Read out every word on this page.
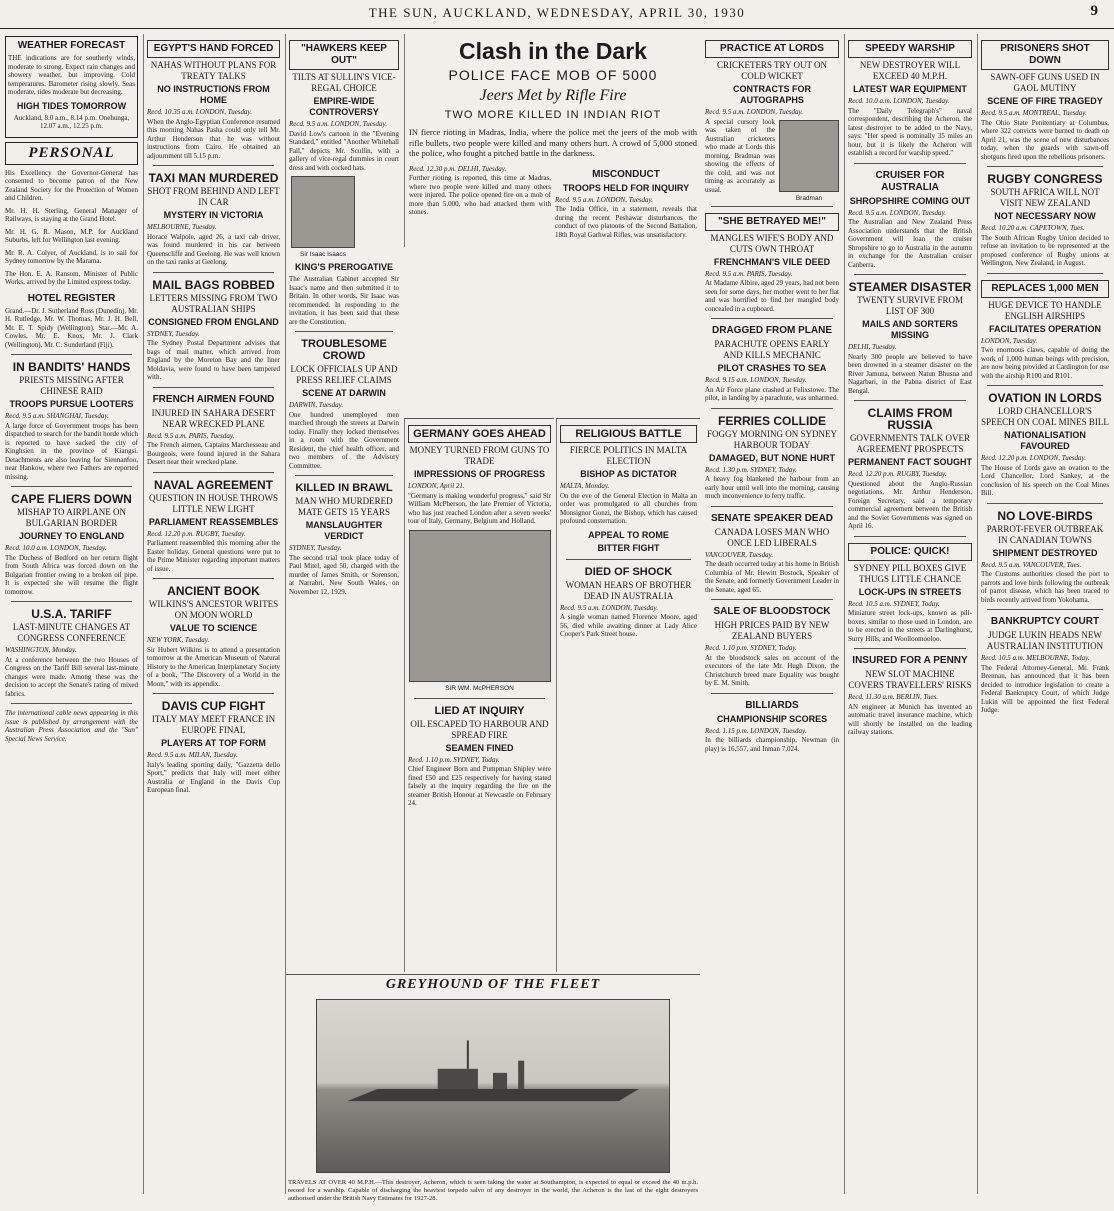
THE SUN, AUCKLAND, WEDNESDAY, APRIL 30, 1930	9
WEATHER FORECAST
THE indications are for southerly winds, moderate to strong. Expect rain changes and showery weather, but improving. Cold temperatures. Barometer rising slowly. Seas moderate, tides moderate but decreasing.
HIGH TIDES TOMORROW
Auckland, 8.0 a.m., 8.14 p.m. Onehunga, 12.07 a.m., 12.25 p.m.
PERSONAL
His Excellency the Governor-General has consented to become patron of the New Zealand Society for the Protection of Women and Children.
Mr. H. H. Sterling, General Manager of Railways, is staying at the Grand Hotel.
Mr. H. G. R. Mason, M.P. for Auckland Suburbs, left for Wellington last evening.
Mr. R. A. Colyer, of Auckland, is to sail for Sydney tomorrow by the Marama.
The Hon. E. A. Ransom, Minister of Public Works, arrived by the Limited express today.
HOTEL REGISTER
Grand.—Dr. J. Sutherland Ross (Dunedin), Mr. H. Rutledge, Mr. W. Thomas, Mr. J. H. Bell, Mr. E. T. Spidy (Wellington). Star.—Mr. A. Cowles, Mr. E. Knox, Mr. J. Clark (Wellington), Mr. C. Sunderland (Fiji).
IN BANDITS' HANDS
PRIESTS MISSING AFTER CHINESE RAID
TROOPS PURSUE LOOTERS
Recd. 9.5 a.m. SHANGHAI, Tuesday.
A large force of Government troops has been dispatched to search for the bandit horde which is reported to have sacked the city of Kinghsien in the province of Kiangsi. Detachments are also leaving for Siennanfoo, near Hankow, where two Fathers are reported missing.
CAPE FLIERS DOWN
MISHAP TO AIRPLANE ON BULGARIAN BORDER
JOURNEY TO ENGLAND
Recd. 10.0 a.m. LONDON, Tuesday.
The Duchess of Bedford on her return flight from South Africa was forced down on the Bulgarian frontier owing to a broken oil pipe. It is expected she will resume the flight tomorrow.
U.S.A. TARIFF
LAST-MINUTE CHANGES AT CONGRESS CONFERENCE
WASHINGTON, Monday.
At a conference between the two Houses of Congress on the Tariff Bill several last-minute changes were made. Among these was the decision to accept the Senate's rating of mixed fabrics.
The international cable news appearing in this issue is published by arrangement with the Australian Press Association and the "Sun" Special News Service.
EGYPT'S HAND FORCED
NAHAS WITHOUT PLANS FOR TREATY TALKS
NO INSTRUCTIONS FROM HOME
Recd. 10.35 a.m. LONDON, Tuesday.
When the Anglo-Egyptian Conference resumed this morning Nahas Pasha could only tell Mr. Arthur Henderson that he was without instructions from Cairo. He obtained an adjournment till 5.15 p.m.
TAXI MAN MURDERED
SHOT FROM BEHIND AND LEFT IN CAR
MYSTERY IN VICTORIA
MELBOURNE, Tuesday.
Horace Walpole, aged 26, a taxi cab driver, was found murdered in his car between Queenscliffe and Geelong. He was well known on the taxi ranks at Geelong.
MAIL BAGS ROBBED
LETTERS MISSING FROM TWO AUSTRALIAN SHIPS
CONSIGNED FROM ENGLAND
SYDNEY, Tuesday.
The Sydney Postal Department advises that bags of mail matter, which arrived from England by the Moreton Bay and the liner Moldavia, were found to have been tampered with.
FRENCH AIRMEN FOUND
INJURED IN SAHARA DESERT NEAR WRECKED PLANE
Recd. 9.5 a.m. PARIS, Tuesday.
The French airmen, Captains Marchesseau and Bourgeois, were found injured in the Sahara Desert near their wrecked plane.
NAVAL AGREEMENT
QUESTION IN HOUSE THROWS LITTLE NEW LIGHT
PARLIAMENT REASSEMBLES
Recd. 12.20 p.m. RUGBY, Tuesday.
Parliament reassembled this morning after the Easter holiday. General questions were put to the Prime Minister regarding important matters of issue.
ANCIENT BOOK
WILKINS'S ANCESTOR WRITES ON MOON WORLD
VALUE TO SCIENCE
NEW YORK, Tuesday.
Sir Hubert Wilkins is to attend a presentation tomorrow at the American Museum of Natural History to the American Interplanetary Society of a book, "The Discovery of a World in the Moon," with its appendix.
DAVIS CUP FIGHT
ITALY MAY MEET FRANCE IN EUROPE FINAL
PLAYERS AT TOP FORM
Recd. 9.5 a.m. MILAN, Tuesday.
Italy's leading sporting daily, "Gazzetta dello Sport," predicts that Italy will meet either Australia or England in the Davis Cup European final.
"HAWKERS KEEP OUT"
TILTS AT SULLIN'S VICE-REGAL CHOICE
EMPIRE-WIDE CONTROVERSY
Recd. 9.5 a.m. LONDON, Tuesday.
David Low's cartoon in the "Evening Standard," entitled "Another Whitehall Fall," depicts Mr. Scullin, with a gallery of vice-regal dummies in court dress and with cocked hats.
Sir Isaac Isaacs
KING'S PREROGATIVE
The Australian Cabinet accepted Sir Isaac's name and then submitted it to Britain. In other words, Sir Isaac was recommended. In responding to the invitation, it has been said that these are the Constitution.
TROUBLESOME CROWD
LOCK OFFICIALS UP AND PRESS RELIEF CLAIMS
SCENE AT DARWIN
DARWIN, Tuesday.
One hundred unemployed men marched through the streets at Darwin today. Finally they locked themselves in a room with the Government Resident, the chief health officer, and two members of the Advisory Committee.
KILLED IN BRAWL
MAN WHO MURDERED MATE GETS 15 YEARS
MANSLAUGHTER VERDICT
SYDNEY, Tuesday.
The second trial took place today of Paul Mitel, aged 50, charged with the murder of James Smith, or Sorenson, at Narrabri, New South Wales, on November 12, 1929.
Clash in the Dark
POLICE FACE MOB OF 5000
Jeers Met by Rifle Fire
TWO MORE KILLED IN INDIAN RIOT
IN fierce rioting in Madras, India, where the police met the jeers of the mob with rifle bullets, two people were killed and many others hurt. A crowd of 5,000 stoned the police, who fought a pitched battle in the darkness.
Recd. 12.30 p.m. DELHI, Tuesday.
Further rioting is reported, this time at Madras, where two people were killed and many others were injured. The police opened fire on a mob of more than 5,000, who had attacked them with stones.
MISCONDUCT
TROOPS HELD FOR INQUIRY
Recd. 9.5 a.m. LONDON, Tuesday.
The India Office, in a statement, reveals that during the recent Peshawar disturbances the conduct of two platoons of the Second Battalion, 18th Royal Garhwal Rifles, was unsatisfactory.
GERMANY GOES AHEAD
MONEY TURNED FROM GUNS TO TRADE
IMPRESSIONS OF PROGRESS
LONDON, April 21.
"Germany is making wonderful progress," said Sir William McPherson, the late Premier of Victoria, who has just reached London after a seven weeks' tour of Italy, Germany, Belgium and Holland.
SIR WM. McPHERSON
LIED AT INQUIRY
OIL ESCAPED TO HARBOUR AND SPREAD FIRE
SEAMEN FINED
Recd. 1.10 p.m. SYDNEY, Today.
Chief Engineer Born and Pumpman Shipley were fined £50 and £25 respectively for having stated falsely at the inquiry regarding the fire on the steamer British Honour at Newcastle on February 24.
RELIGIOUS BATTLE
FIERCE POLITICS IN MALTA ELECTION
BISHOP AS DICTATOR
MALTA, Monday.
On the eve of the General Election in Malta an order was promulgated to all churches from Monsignor Gonzi, the Bishop, which has caused profound consternation.
APPEAL TO ROME
BITTER FIGHT
DIED OF SHOCK
WOMAN HEARS OF BROTHER DEAD IN AUSTRALIA
Recd. 9.5 a.m. LONDON, Tuesday.
A single woman named Florence Moore, aged 56, died while awaiting dinner at Lady Alice Cooper's Park Street house.
GREYHOUND OF THE FLEET
TRAVELS AT OVER 40 M.P.H.—This destroyer, Acheron, which is seen taking the water at Southampton, is expected to equal or exceed the 40 m.p.h. record for a warship. Capable of discharging the heaviest torpedo salvo of any destroyer in the world, the Acheron is the last of the eight destroyers authorised under the British Navy Estimates for 1927-28.
PRACTICE AT LORDS
CRICKETERS TRY OUT ON COLD WICKET
CONTRACTS FOR AUTOGRAPHS
Recd. 9.5 a.m. LONDON, Tuesday.
Bradman
A special cursory look was taken of the Australian cricketers who made at Lords this morning. Bradman was showing the effects of the cold, and was not timing as accurately as usual.
"SHE BETRAYED ME!"
MANGLES WIFE'S BODY AND CUTS OWN THROAT
FRENCHMAN'S VILE DEED
Recd. 9.5 a.m. PARIS, Tuesday.
At Madame Albire, aged 29 years, had not been seen for some days, her mother went to her flat and was horrified to find her mangled body concealed in a cupboard.
DRAGGED FROM PLANE
PARACHUTE OPENS EARLY AND KILLS MECHANIC
PILOT CRASHES TO SEA
Recd. 9.15 a.m. LONDON, Tuesday.
An Air Force plane crashed at Felixstowe. The pilot, in landing by a parachute, was unharmed.
FERRIES COLLIDE
FOGGY MORNING ON SYDNEY HARBOUR TODAY
DAMAGED, BUT NONE HURT
Recd. 1.30 p.m. SYDNEY, Today.
A heavy fog blanketed the harbour from an early hour until well into the morning, causing much inconvenience to ferry traffic.
SENATE SPEAKER DEAD
CANADA LOSES MAN WHO ONCE LED LIBERALS
VANCOUVER, Tuesday.
The death occurred today at his home in British Columbia of Mr. Hewitt Bostock, Speaker of the Senate, and formerly Government Leader in the Senate, aged 65.
SALE OF BLOODSTOCK
HIGH PRICES PAID BY NEW ZEALAND BUYERS
Recd. 1.10 p.m. SYDNEY, Today.
At the bloodstock sales on account of the executors of the late Mr. Hugh Dixon, the Christchurch breed mare Equality was bought by E. M. Smith.
BILLIARDS
CHAMPIONSHIP SCORES
Recd. 1.15 p.m. LONDON, Tuesday.
In the billiards championship, Newman (in play) is 16,557, and Inman 7,024.
SPEEDY WARSHIP
NEW DESTROYER WILL EXCEED 40 M.P.H.
LATEST WAR EQUIPMENT
Recd. 10.0 a.m. LONDON, Tuesday.
The "Daily Telegraph's" naval correspondent, describing the Acheron, the latest destroyer to be added to the Navy, says: "Her speed is nominally 35 miles an hour, but it is likely the Acheron will establish a record for warship speed."
CRUISER FOR AUSTRALIA
SHROPSHIRE COMING OUT
Recd. 9.5 a.m. LONDON, Tuesday.
The Australian and New Zealand Press Association understands that the British Government will loan the cruiser Shropshire to go to Australia in the autumn in exchange for the Australian cruiser Canberra.
STEAMER DISASTER
TWENTY SURVIVE FROM LIST OF 300
MAILS AND SORTERS MISSING
DELHI, Tuesday.
Nearly 300 people are believed to have been drowned in a steamer disaster on the River Jamuna, between Natun Bhusna and Nagarbari, in the Pabna district of East Bengal.
CLAIMS FROM RUSSIA
GOVERNMENTS TALK OVER AGREEMENT PROSPECTS
PERMANENT FACT SOUGHT
Recd. 12.20 p.m. RUGBY, Tuesday.
Questioned about the Anglo-Russian negotiations, Mr. Arthur Henderson, Foreign Secretary, said a temporary commercial agreement between the British and the Soviet Governments was signed on April 16.
POLICE: QUICK!
SYDNEY PILL BOXES GIVE THUGS LITTLE CHANCE
LOCK-UPS IN STREETS
Recd. 10.5 a.m. SYDNEY, Today.
Miniature street lock-ups, known as pill-boxes, similar to those used in London, are to be erected in the streets at Darlinghurst, Surry Hills, and Woolloomooloo.
INSURED FOR A PENNY
NEW SLOT MACHINE COVERS TRAVELLERS' RISKS
Recd. 11.30 a.m. BERLIN, Tues.
AN engineer at Munich has invented an automatic travel insurance machine, which will shortly be installed on the leading railway stations.
PRISONERS SHOT DOWN
SAWN-OFF GUNS USED IN GAOL MUTINY
SCENE OF FIRE TRAGEDY
Recd. 9.5 a.m. MONTREAL, Tuesday.
The Ohio State Penitentiary at Columbus, where 322 convicts were burned to death on April 21, was the scene of new disturbances today, when the guards with sawn-off shotguns fired upon the rebellious prisoners.
RUGBY CONGRESS
SOUTH AFRICA WILL NOT VISIT NEW ZEALAND
NOT NECESSARY NOW
Recd. 10.20 a.m. CAPETOWN, Tues.
The South African Rugby Union decided to refuse an invitation to be represented at the proposed conference of Rugby unions at Wellington, New Zealand, in August.
REPLACES 1,000 MEN
HUGE DEVICE TO HANDLE ENGLISH AIRSHIPS
FACILITATES OPERATION
LONDON, Tuesday.
Two enormous claws, capable of doing the work of 1,000 human beings with precision, are now being provided at Cardington for use with the airship R100 and R101.
OVATION IN LORDS
LORD CHANCELLOR'S SPEECH ON COAL MINES BILL
NATIONALISATION FAVOURED
Recd. 12.20 p.m. LONDON, Tuesday.
The House of Lords gave an ovation to the Lord Chancellor, Lord Sankey, at the conclusion of his speech on the Coal Mines Bill.
NO LOVE-BIRDS
PARROT-FEVER OUTBREAK IN CANADIAN TOWNS
SHIPMENT DESTROYED
Recd. 9.5 a.m. VANCOUVER, Tues.
The Customs authorities closed the port to parrots and love birds following the outbreak of parrot disease, which has been traced to birds recently arrived from Yokohama.
BANKRUPTCY COURT
JUDGE LUKIN HEADS NEW AUSTRALIAN INSTITUTION
Recd. 10.5 a.m. MELBOURNE, Today.
The Federal Attorney-General, Mr. Frank Brennan, has announced that it has been decided to introduce legislation to create a Federal Bankruptcy Court, of which Judge Lukin will be appointed the first Federal Judge.
